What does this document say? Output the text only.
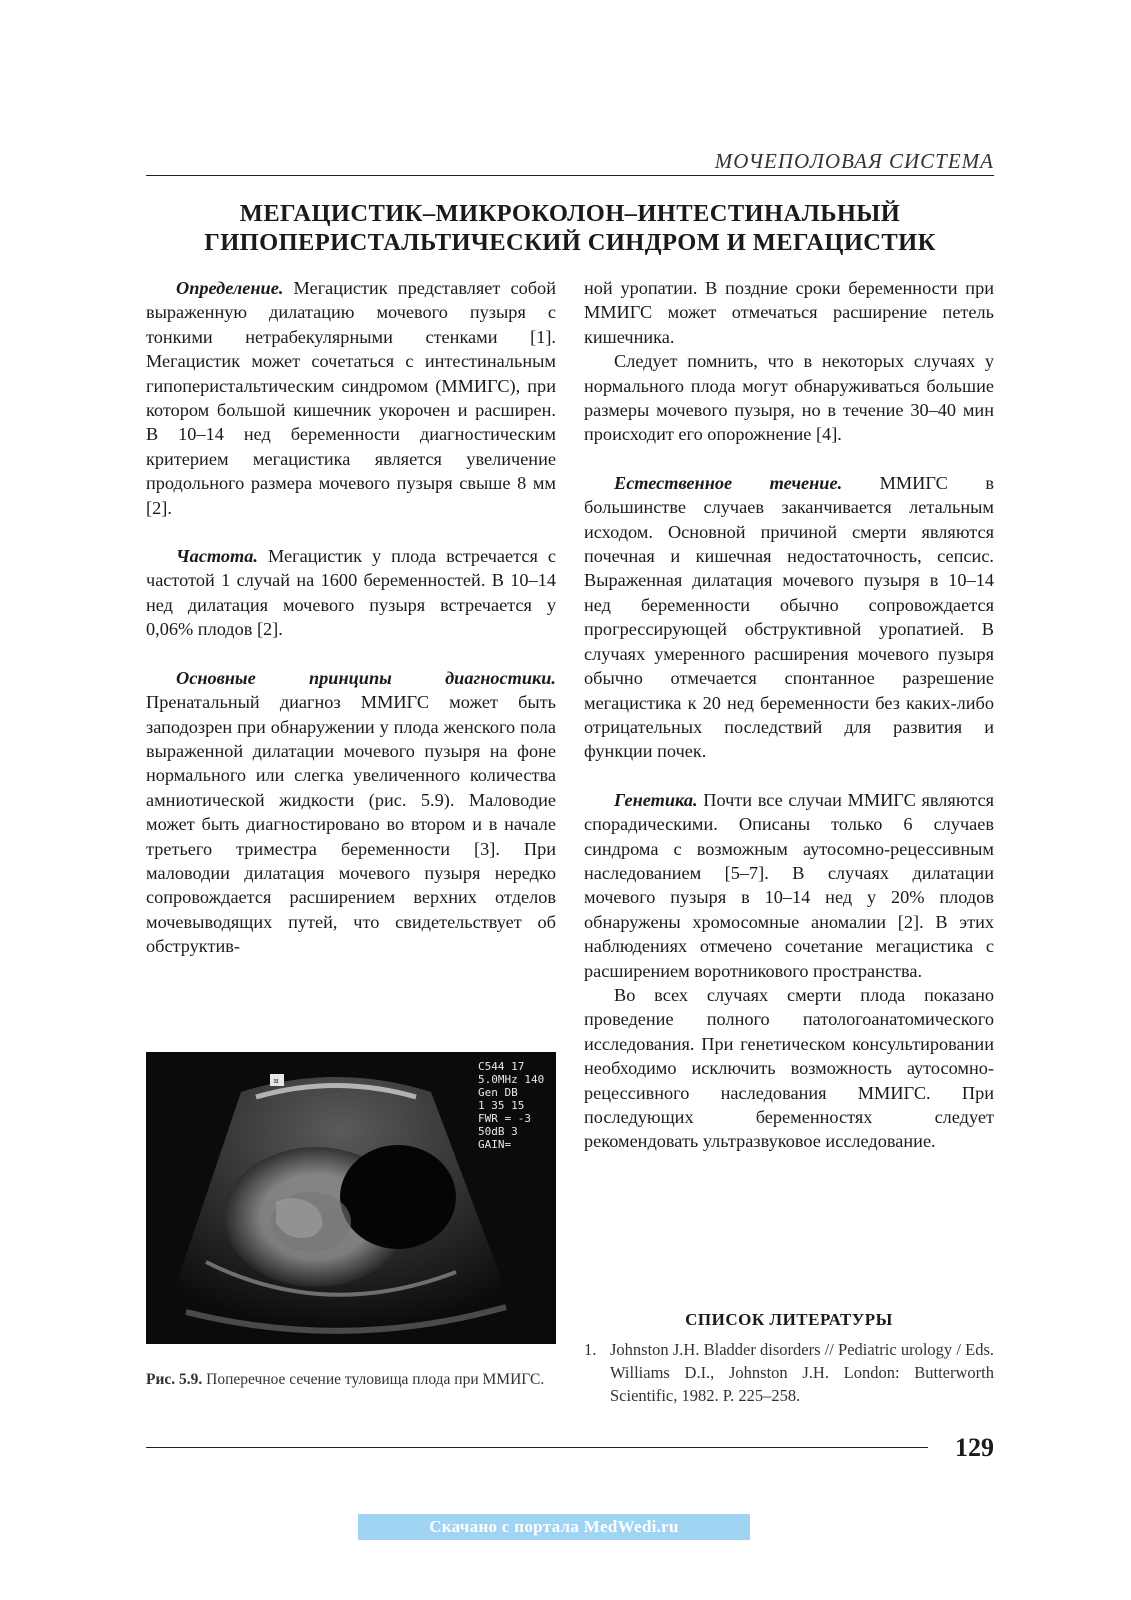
МОЧЕПОЛОВАЯ СИСТЕМА
МЕГАЦИСТИК–МИКРОКОЛОН–ИНТЕСТИНАЛЬНЫЙ
ГИПОПЕРИСТАЛЬТИЧЕСКИЙ СИНДРОМ И МЕГАЦИСТИК

Определение. Мегацистик представляет собой выраженную дилатацию мочевого пузыря с тонкими нетрабекулярными стенками [1]. Мегацистик может сочетаться с интестинальным гипоперистальтическим синдромом (ММИГС), при котором большой кишечник укорочен и расширен. В 10–14 нед беременности диагностическим критерием мегацистика является увеличение продольного размера мочевого пузыря свыше 8 мм [2].

Частота. Мегацистик у плода встречается с частотой 1 случай на 1600 беременностей. В 10–14 нед дилатация мочевого пузыря встречается у 0,06% плодов [2].

Основные принципы диагностики. Пренатальный диагноз ММИГС может быть заподозрен при обнаружении у плода женского пола выраженной дилатации мочевого пузыря на фоне нормального или слегка увеличенного количества амниотической жидкости (рис. 5.9). Маловодие может быть диагностировано во втором и в начале третьего триместра беременности [3]. При маловодии дилатация мочевого пузыря нередко сопровождается расширением верхних отделов мочевыводящих путей, что свидетельствует об обструктив-

ной уропатии. В поздние сроки беременности при ММИГС может отмечаться расширение петель кишечника.

Следует помнить, что в некоторых случаях у нормального плода могут обнаруживаться большие размеры мочевого пузыря, но в течение 30–40 мин происходит его опорожнение [4].

Естественное течение. ММИГС в большинстве случаев заканчивается летальным исходом. Основной причиной смерти являются почечная и кишечная недостаточность, сепсис. Выраженная дилатация мочевого пузыря в 10–14 нед беременности обычно сопровождается прогрессирующей обструктивной уропатией. В случаях умеренного расширения мочевого пузыря обычно отмечается спонтанное разрешение мегацистика к 20 нед беременности без каких-либо отрицательных последствий для развития и функции почек.

Генетика. Почти все случаи ММИГС являются спорадическими. Описаны только 6 случаев синдрома с возможным аутосомно-рецессивным наследованием [5–7]. В случаях дилатации мочевого пузыря в 10–14 нед у 20% плодов обнаружены хромосомные аномалии [2]. В этих наблюдениях отмечено сочетание мегацистика с расширением воротникового пространства.

Во всех случаях смерти плода показано проведение полного патологоанатомического исследования. При генетическом консультировании необходимо исключить возможность аутосомно-рецессивного наследования ММИГС. При последующих беременностях следует рекомендовать ультразвуковое исследование.

¤
C544 17
5.0MHz 140
Gen DB
1 35 15
FWR = -3
50dB 3
GAIN=
Рис. 5.9. Поперечное сечение туловища плода при ММИГС.
СПИСОК ЛИТЕРАТУРЫ
1. Johnston J.H. Bladder disorders // Pediatric urology / Eds. Williams D.I., Johnston J.H. London: Butterworth Scientific, 1982. P. 225–258.
129
Скачано с портала MedWedi.ru
